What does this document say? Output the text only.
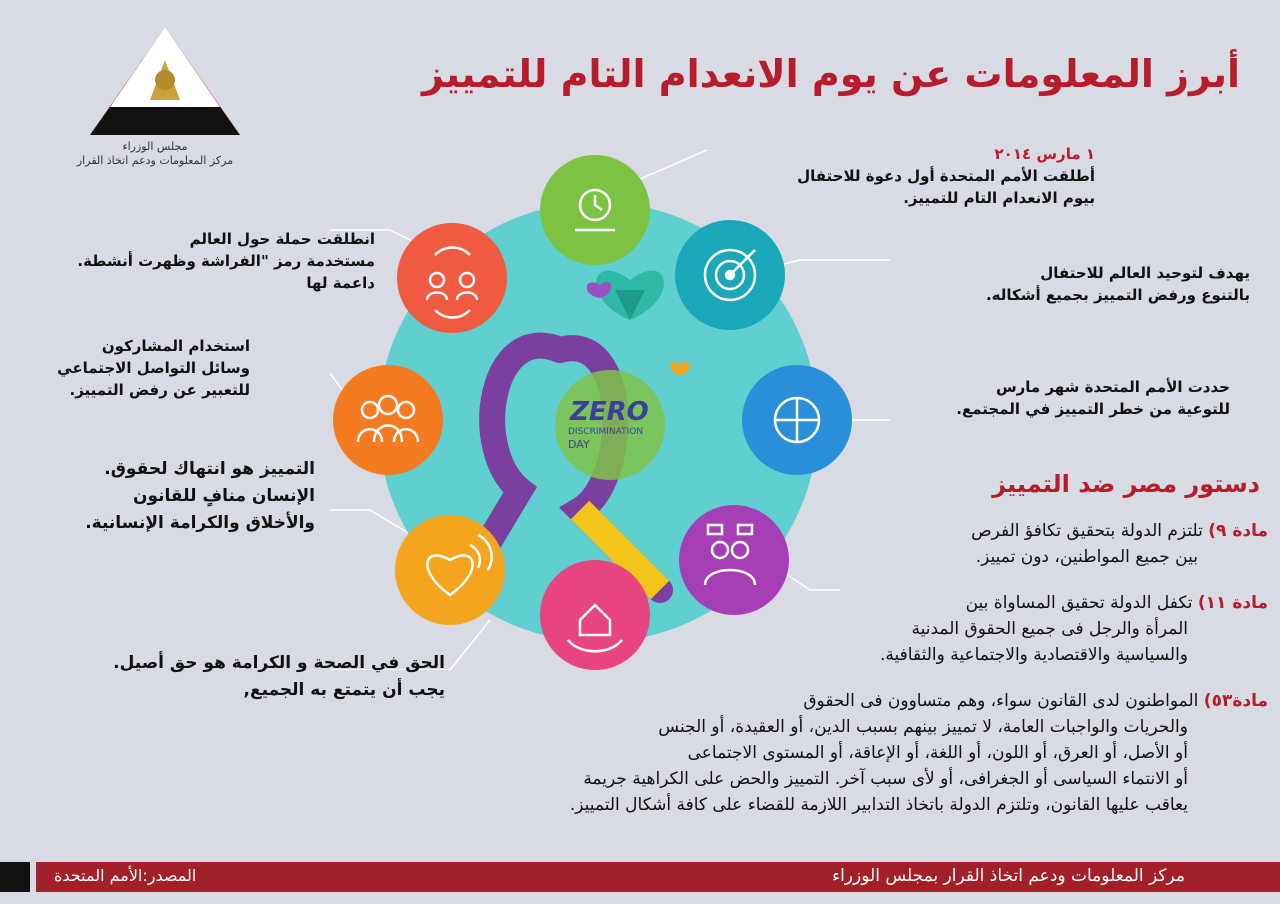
مجلس الوزراء
مركز المعلومات ودعم اتخاذ القرار
أبرز المعلومات عن يوم الانعدام التام للتمييز
ZERO
DISCRIMINATION
DAY
١ مارس ٢٠١٤
أطلقت الأمم المتحدة أول دعوة للاحتفال
بيوم الانعدام التام للتمييز.
يهدف لتوحيد العالم للاحتفال
بالتنوع ورفض التمييز بجميع أشكاله.
حددت الأمم المتحدة شهر مارس
للتوعية من خطر التمييز في المجتمع.
انطلقت حملة حول العالم
مستخدمة رمز "الفراشة وظهرت أنشطة.
داعمة لها
استخدام المشاركون
وسائل التواصل الاجتماعي
للتعبير عن رفض التمييز.
التمييز هو انتهاك لحقوق.
الإنسان منافٍ للقانون
والأخلاق والكرامة الإنسانية.
الحق في الصحة و الكرامة هو حق أصيل.
يجب أن يتمتع به الجميع,
دستور مصر ضد التمييز
مادة ٩) تلتزم الدولة بتحقيق تكافؤ الفرص
بين جميع المواطنين، دون تمييز.
مادة ١١) تكفل الدولة تحقيق المساواة بين
المرأة والرجل فى جميع الحقوق المدنية
والسياسية والاقتصادية والاجتماعية والثقافية.
مادة٥٣) المواطنون لدى القانون سواء، وهم متساوون فى الحقوق
والحريات والواجبات العامة، لا تمييز بينهم بسبب الدين، أو العقيدة، أو الجنس
أو الأصل، أو العرق، أو اللون، أو اللغة، أو الإعاقة، أو المستوى الاجتماعى
أو الانتماء السياسى أو الجغرافى، أو لأى سبب آخر. التمييز والحض على الكراهية جريمة
يعاقب عليها القانون، وتلتزم الدولة باتخاذ التدابير اللازمة للقضاء على كافة أشكال التمييز.
المصدر:الأمم المتحدة	مركز المعلومات ودعم اتخاذ القرار بمجلس الوزراء
